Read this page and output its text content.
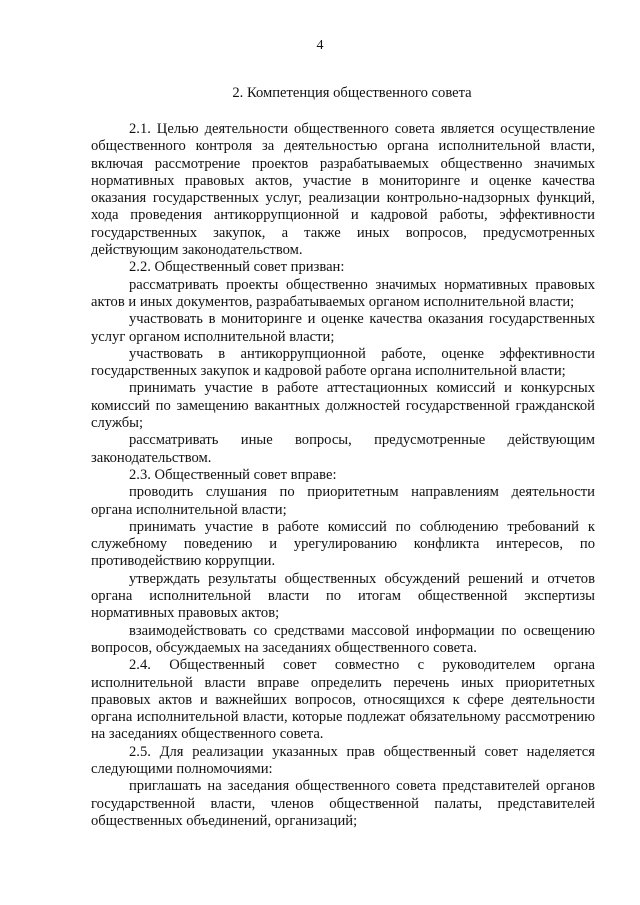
4
2. Компетенция общественного совета

2.1. Целью деятельности общественного совета является осуществление общественного контроля за деятельностью органа исполнительной власти, включая рассмотрение проектов разрабатываемых общественно значимых нормативных правовых актов, участие в мониторинге и оценке качества оказания государственных услуг, реализации контрольно-надзорных функций, хода проведения антикоррупционной и кадровой работы, эффективности государственных закупок, а также иных вопросов, предусмотренных действующим законодательством.

2.2. Общественный совет призван:

рассматривать проекты общественно значимых нормативных правовых актов и иных документов, разрабатываемых органом исполнительной власти;

участвовать в мониторинге и оценке качества оказания государственных услуг органом исполнительной власти;

участвовать в антикоррупционной работе, оценке эффективности государственных закупок и кадровой работе органа исполнительной власти;

принимать участие в работе аттестационных комиссий и конкурсных комиссий по замещению вакантных должностей государственной гражданской службы;

рассматривать иные вопросы, предусмотренные действующим законодательством.

2.3. Общественный совет вправе:

проводить слушания по приоритетным направлениям деятельности органа исполнительной власти;

принимать участие в работе комиссий по соблюдению требований к служебному поведению и урегулированию конфликта интересов, по противодействию коррупции.

утверждать результаты общественных обсуждений решений и отчетов органа исполнительной власти по итогам общественной экспертизы нормативных правовых актов;

взаимодействовать со средствами массовой информации по освещению вопросов, обсуждаемых на заседаниях общественного совета.

2.4. Общественный совет совместно с руководителем органа исполнительной власти вправе определить перечень иных приоритетных правовых актов и важнейших вопросов, относящихся к сфере деятельности органа исполнительной власти, которые подлежат обязательному рассмотрению на заседаниях общественного совета.

2.5. Для реализации указанных прав общественный совет наделяется следующими полномочиями:

приглашать на заседания общественного совета представителей органов государственной власти, членов общественной палаты, представителей общественных объединений, организаций;
